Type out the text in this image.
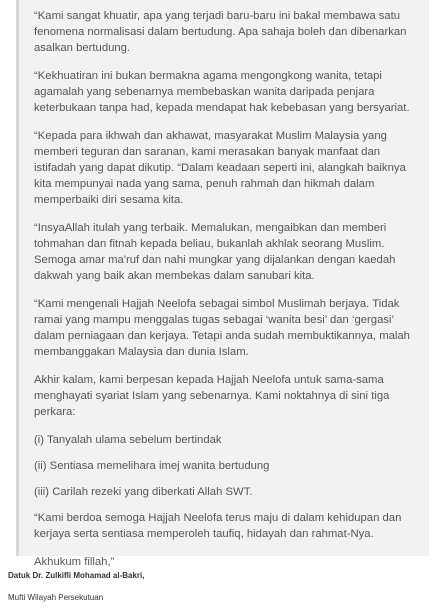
“Kami sangat khuatir, apa yang terjadi baru-baru ini bakal membawa satu fenomena normalisasi dalam bertudung. Apa sahaja boleh dan dibenarkan asalkan bertudung.

“Kekhuatiran ini bukan bermakna agama mengongkong wanita, tetapi agamalah yang sebenarnya membebaskan wanita daripada penjara keterbukaan tanpa had, kepada mendapat hak kebebasan yang bersyariat.

“Kepada para ikhwah dan akhawat, masyarakat Muslim Malaysia yang memberi teguran dan saranan, kami merasakan banyak manfaat dan istifadah yang dapat dikutip. “Dalam keadaan seperti ini, alangkah baiknya kita mempunyai nada yang sama, penuh rahmah dan hikmah dalam memperbaiki diri sesama kita.

“InsyaAllah itulah yang terbaik. Memalukan, mengaibkan dan memberi tohmahan dan fitnah kepada beliau, bukanlah akhlak seorang Muslim. Semoga amar ma'ruf dan nahi mungkar yang dijalankan dengan kaedah dakwah yang baik akan membekas dalam sanubari kita.

“Kami mengenali Hajjah Neelofa sebagai simbol Muslimah berjaya. Tidak ramai yang mampu menggalas tugas sebagai ‘wanita besi’ dan ‘gergasi’ dalam perniagaan dan kerjaya. Tetapi anda sudah membuktikannya, malah membanggakan Malaysia dan dunia Islam.

Akhir kalam, kami berpesan kepada Hajjah Neelofa untuk sama-sama menghayati syariat Islam yang sebenarnya. Kami noktahnya di sini tiga perkara:

(i) Tanyalah ulama sebelum bertindak

(ii) Sentiasa memelihara imej wanita bertudung

(iii) Carilah rezeki yang diberkati Allah SWT.

“Kami berdoa semoga Hajjah Neelofa terus maju di dalam kehidupan dan kerjaya serta sentiasa memperoleh taufiq, hidayah dan rahmat-Nya.

Akhukum fillah,”

Datuk Dr. Zulkifli Mohamad al-Bakri,
Mufti Wilayah Persekutuan
